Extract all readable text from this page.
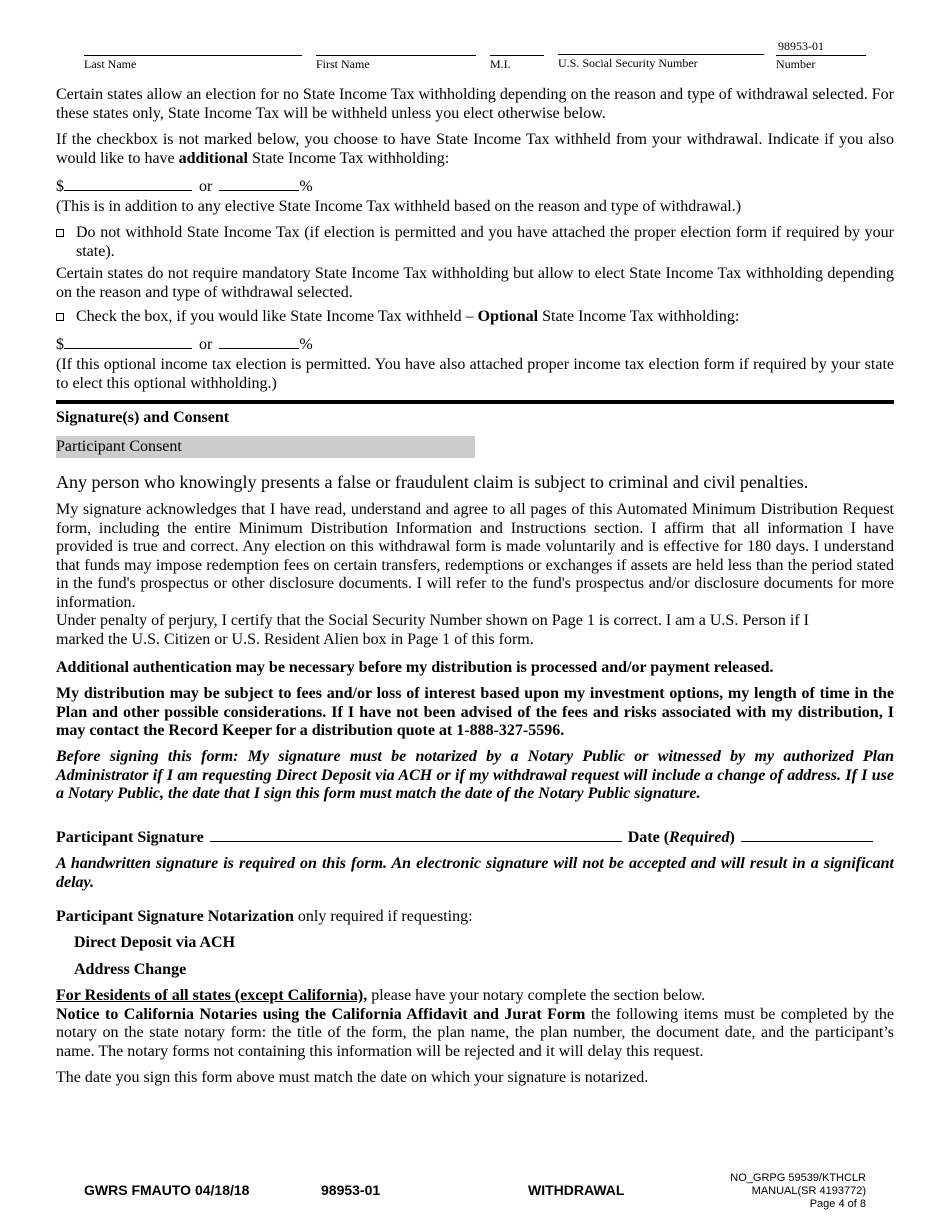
Last Name	First Name	M.I.	U.S. Social Security Number
98953-01
Number

Certain states allow an election for no State Income Tax withholding depending on the reason and type of withdrawal selected. For these states only, State Income Tax will be withheld unless you elect otherwise below.

If the checkbox is not marked below, you choose to have State Income Tax withheld from your withdrawal. Indicate if you also would like to have additional State Income Tax withholding:

$	or	%

(This is in addition to any elective State Income Tax withheld based on the reason and type of withdrawal.)

Do not withhold State Income Tax (if election is permitted and you have attached the proper election form if required by your state).

Certain states do not require mandatory State Income Tax withholding but allow to elect State Income Tax withholding depending on the reason and type of withdrawal selected.

Check the box, if you would like State Income Tax withheld – Optional State Income Tax withholding:

$	or	%

(If this optional income tax election is permitted. You have also attached proper income tax election form if required by your state to elect this optional withholding.)

Signature(s) and Consent

Participant Consent

Any person who knowingly presents a false or fraudulent claim is subject to criminal and civil penalties.

My signature acknowledges that I have read, understand and agree to all pages of this Automated Minimum Distribution Request form, including the entire Minimum Distribution Information and Instructions section. I affirm that all information I have provided is true and correct. Any election on this withdrawal form is made voluntarily and is effective for 180 days. I understand that funds may impose redemption fees on certain transfers, redemptions or exchanges if assets are held less than the period stated in the fund's prospectus or other disclosure documents. I will refer to the fund's prospectus and/or disclosure documents for more information.

Under penalty of perjury, I certify that the Social Security Number shown on Page 1 is correct. I am a U.S. Person if I

marked the U.S. Citizen or U.S. Resident Alien box in Page 1 of this form.

Additional authentication may be necessary before my distribution is processed and/or payment released.

My distribution may be subject to fees and/or loss of interest based upon my investment options, my length of time in the Plan and other possible considerations. If I have not been advised of the fees and risks associated with my distribution, I may contact the Record Keeper for a distribution quote at 1-888-327-5596.

Before signing this form: My signature must be notarized by a Notary Public or witnessed by my authorized Plan Administrator if I am requesting Direct Deposit via ACH or if my withdrawal request will include a change of address. If I use a Notary Public, the date that I sign this form must match the date of the Notary Public signature.

Participant Signature	Date (Required)

A handwritten signature is required on this form. An electronic signature will not be accepted and will result in a significant delay.

Participant Signature Notarization only required if requesting:

Direct Deposit via ACH

Address Change

For Residents of all states (except California), please have your notary complete the section below.

Notice to California Notaries using the California Affidavit and Jurat Form the following items must be completed by the notary on the state notary form: the title of the form, the plan name, the plan number, the document date, and the participant’s name. The notary forms not containing this information will be rejected and it will delay this request.

The date you sign this form above must match the date on which your signature is notarized.

GWRS FMAUTO 04/18/18	98953-01	WITHDRAWAL
NO_GRPG 59539/KTHCLR
MANUAL(SR 4193772)
Page 4 of 8
